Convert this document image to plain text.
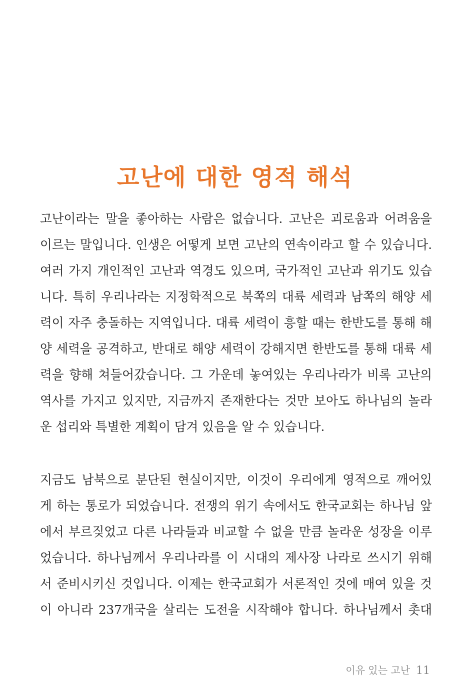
고난에 대한 영적 해석
고난이라는 말을 좋아하는 사람은 없습니다. 고난은 괴로움과 어려움을
이르는 말입니다. 인생은 어떻게 보면 고난의 연속이라고 할 수 있습니다.
여러 가지 개인적인 고난과 역경도 있으며, 국가적인 고난과 위기도 있습
니다. 특히 우리나라는 지정학적으로 북쪽의 대륙 세력과 남쪽의 해양 세
력이 자주 충돌하는 지역입니다. 대륙 세력이 흥할 때는 한반도를 통해 해
양 세력을 공격하고, 반대로 해양 세력이 강해지면 한반도를 통해 대륙 세
력을 향해 쳐들어갔습니다. 그 가운데 놓여있는 우리나라가 비록 고난의
역사를 가지고 있지만, 지금까지 존재한다는 것만 보아도 하나님의 놀라
운 섭리와 특별한 계획이 담겨 있음을 알 수 있습니다.
지금도 남북으로 분단된 현실이지만, 이것이 우리에게 영적으로 깨어있
게 하는 통로가 되었습니다. 전쟁의 위기 속에서도 한국교회는 하나님 앞
에서 부르짖었고 다른 나라들과 비교할 수 없을 만큼 놀라운 성장을 이루
었습니다. 하나님께서 우리나라를 이 시대의 제사장 나라로 쓰시기 위해
서 준비시키신 것입니다. 이제는 한국교회가 서론적인 것에 매여 있을 것
이 아니라 237개국을 살리는 도전을 시작해야 합니다. 하나님께서 촛대
이유 있는 고난 11
